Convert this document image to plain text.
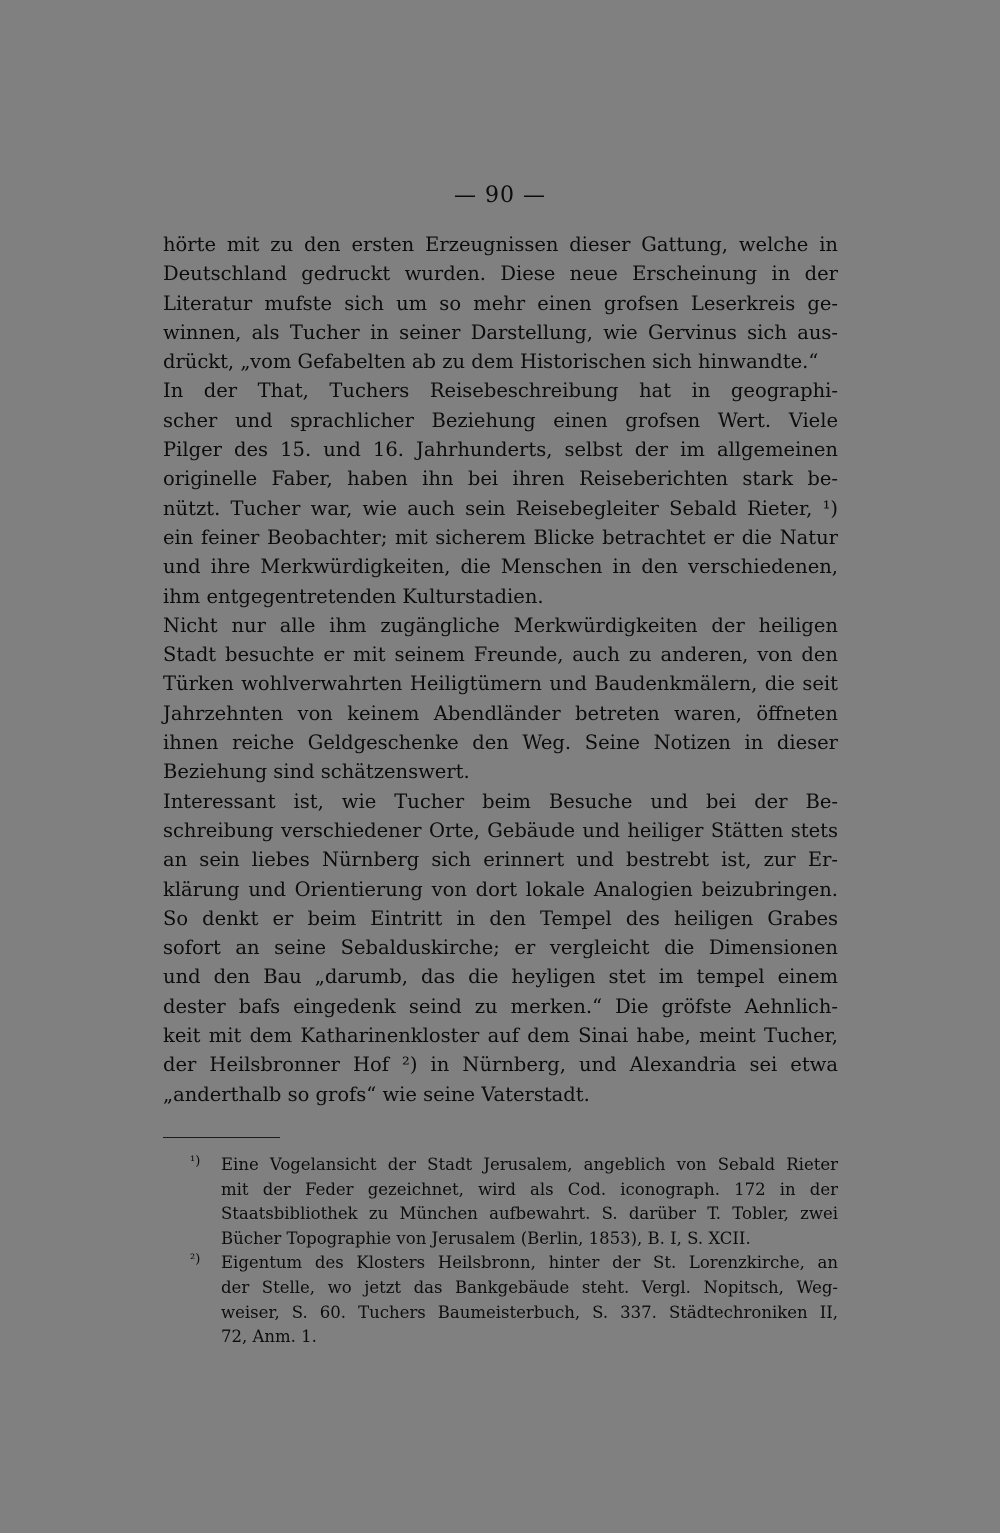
— 90 —
hörte mit zu den ersten Erzeugnissen dieser Gattung, welche in
Deutschland gedruckt wurden. Diese neue Erscheinung in der
Literatur mufste sich um so mehr einen grofsen Leserkreis ge-
winnen, als Tucher in seiner Darstellung, wie Gervinus sich aus-
drückt, „vom Gefabelten ab zu dem Historischen sich hinwandte.“
In der That, Tuchers Reisebeschreibung hat in geographi-
scher und sprachlicher Beziehung einen grofsen Wert. Viele
Pilger des 15. und 16. Jahrhunderts, selbst der im allgemeinen
originelle Faber, haben ihn bei ihren Reiseberichten stark be-
nützt. Tucher war, wie auch sein Reisebegleiter Sebald Rieter, ¹)
ein feiner Beobachter; mit sicherem Blicke betrachtet er die Natur
und ihre Merkwürdigkeiten, die Menschen in den verschiedenen,
ihm entgegentretenden Kulturstadien.
Nicht nur alle ihm zugängliche Merkwürdigkeiten der heiligen
Stadt besuchte er mit seinem Freunde, auch zu anderen, von den
Türken wohlverwahrten Heiligtümern und Baudenkmälern, die seit
Jahrzehnten von keinem Abendländer betreten waren, öffneten
ihnen reiche Geldgeschenke den Weg. Seine Notizen in dieser
Beziehung sind schätzenswert.
Interessant ist, wie Tucher beim Besuche und bei der Be-
schreibung verschiedener Orte, Gebäude und heiliger Stätten stets
an sein liebes Nürnberg sich erinnert und bestrebt ist, zur Er-
klärung und Orientierung von dort lokale Analogien beizubringen.
So denkt er beim Eintritt in den Tempel des heiligen Grabes
sofort an seine Sebalduskirche; er vergleicht die Dimensionen
und den Bau „darumb, das die heyligen stet im tempel einem
dester bafs eingedenk seind zu merken.“ Die gröfste Aehnlich-
keit mit dem Katharinenkloster auf dem Sinai habe, meint Tucher,
der Heilsbronner Hof ²) in Nürnberg, und Alexandria sei etwa
„anderthalb so grofs“ wie seine Vaterstadt.
¹) Eine Vogelansicht der Stadt Jerusalem, angeblich von Sebald Rieter
mit der Feder gezeichnet, wird als Cod. iconograph. 172 in der
Staatsbibliothek zu München aufbewahrt. S. darüber T. Tobler, zwei
Bücher Topographie von Jerusalem (Berlin, 1853), B. I, S. XCII.
²) Eigentum des Klosters Heilsbronn, hinter der St. Lorenzkirche, an
der Stelle, wo jetzt das Bankgebäude steht. Vergl. Nopitsch, Weg-
weiser, S. 60. Tuchers Baumeisterbuch, S. 337. Städtechroniken II,
72, Anm. 1.
